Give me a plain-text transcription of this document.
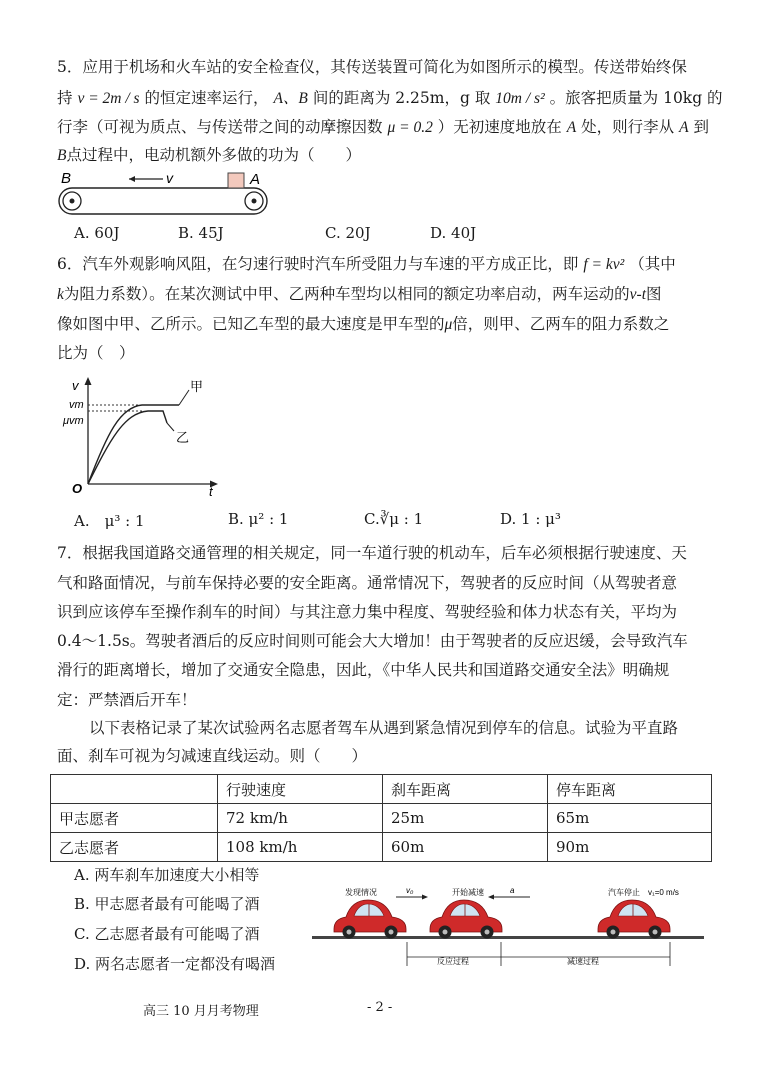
5．应用于机场和火车站的安全检查仪，其传送装置可简化为如图所示的模型。传送带始终保
持 v = 2m / s 的恒定速率运行， A、B 间的距离为 2.25m，g 取 10m / s² 。旅客把质量为 10kg 的
行李（可视为质点、与传送带之间的动摩擦因数 μ = 0.2 ）无初速度地放在 A 处，则行李从 A 到
B点过程中，电动机额外多做的功为（　　）
B	A
v
A. 60J	B. 45J	C. 20J	D. 40J
6．汽车外观影响风阻，在匀速行驶时汽车所受阻力与车速的平方成正比，即 f = kv² （其中
k为阻力系数）。在某次测试中甲、乙两种车型均以相同的额定功率启动，两车运动的v-t图
像如图中甲、乙所示。已知乙车型的最大速度是甲车型的μ倍，则甲、乙两车的阻力系数之
比为（　）
v
t
O
vm
μvm
甲
乙
A.　μ³ : 1	B. μ² : 1	C.∛μ : 1	D. 1 : μ³
7．根据我国道路交通管理的相关规定，同一车道行驶的机动车，后车必须根据行驶速度、天
气和路面情况，与前车保持必要的安全距离。通常情况下，驾驶者的反应时间（从驾驶者意
识到应该停车至操作刹车的时间）与其注意力集中程度、驾驶经验和体力状态有关，平均为
0.4～1.5s。驾驶者酒后的反应时间则可能会大大增加！由于驾驶者的反应迟缓，会导致汽车
滑行的距离增长，增加了交通安全隐患，因此，《中华人民共和国道路交通安全法》明确规
定：严禁酒后开车！
以下表格记录了某次试验两名志愿者驾车从遇到紧急情况到停车的信息。试验为平直路
面、刹车可视为匀减速直线运动。则（　　）
	行驶速度	刹车距离	停车距离
甲志愿者	72 km/h	25m	65m
乙志愿者	108 km/h	60m	90m
A. 两车刹车加速度大小相等
B. 甲志愿者最有可能喝了酒
C. 乙志愿者最有可能喝了酒
D. 两名志愿者一定都没有喝酒
发现情况	v₀	开始减速	a	汽车停止　v₁=0 m/s
反应过程	减速过程
高三 10 月月考物理	- 2 -
